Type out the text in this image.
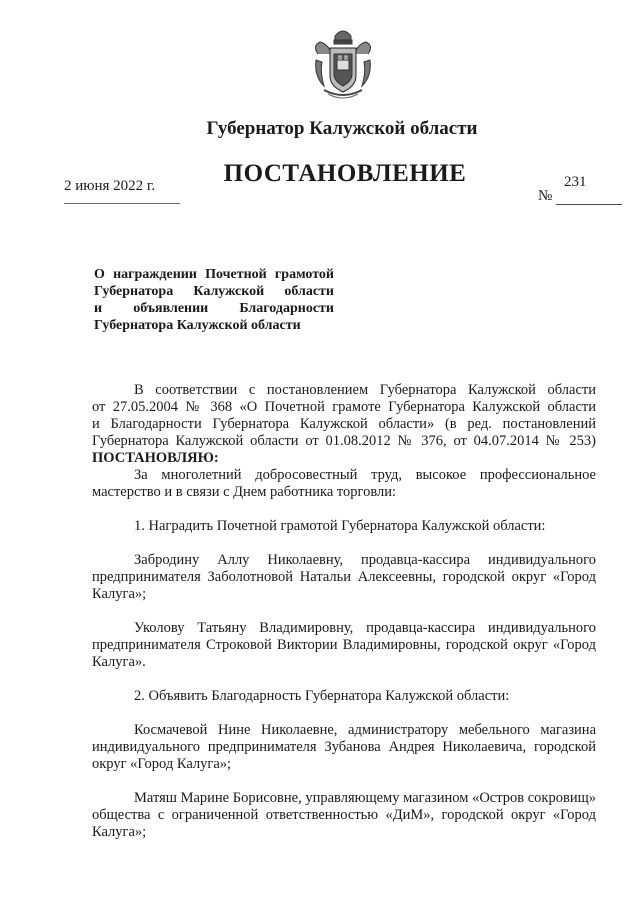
Губернатор Калужской области
ПОСТАНОВЛЕНИЕ
2 июня 2022 г.	231
№
О награждении Почетной грамотой
Губернатора Калужской области
и объявлении Благодарности
Губернатора Калужской области
В соответствии с постановлением Губернатора Калужской области
от 27.05.2004 № 368 «О Почетной грамоте Губернатора Калужской области
и Благодарности Губернатора Калужской области» (в ред. постановлений
Губернатора Калужской области от 01.08.2012 № 376, от 04.07.2014 № 253)
ПОСТАНОВЛЯЮ:
За многолетний добросовестный труд, высокое профессиональное
мастерство и в связи с Днем работника торговли:
1. Наградить Почетной грамотой Губернатора Калужской области:
Забродину Аллу Николаевну, продавца-кассира индивидуального
предпринимателя Заболотновой Натальи Алексеевны, городской округ «Город
Калуга»;
Уколову Татьяну Владимировну, продавца-кассира индивидуального
предпринимателя Строковой Виктории Владимировны, городской округ «Город
Калуга».
2. Объявить Благодарность Губернатора Калужской области:
Космачевой Нине Николаевне, администратору мебельного магазина
индивидуального предпринимателя Зубанова Андрея Николаевича, городской
округ «Город Калуга»;
Матяш Марине Борисовне, управляющему магазином «Остров сокровищ»
общества с ограниченной ответственностью «ДиМ», городской округ «Город
Калуга»;
